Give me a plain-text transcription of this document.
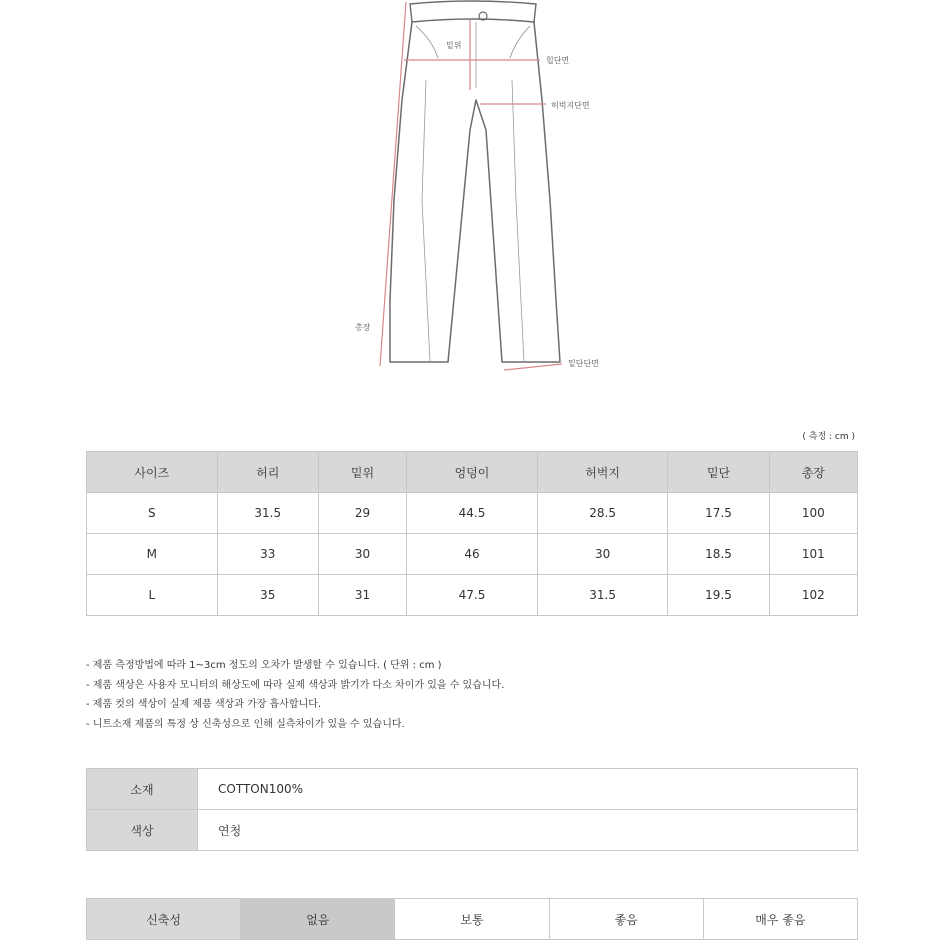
밑위
힙단면
허벅지단면
총장
밑단단면
( 측정 : cm )
사이즈	허리	밑위	엉덩이	허벅지	밑단	총장
S	31.5	29	44.5	28.5	17.5	100
M	33	30	46	30	18.5	101
L	35	31	47.5	31.5	19.5	102
- 제품 측정방법에 따라 1~3cm 정도의 오차가 발생할 수 있습니다. ( 단위 : cm )
- 제품 색상은 사용자 모니터의 해상도에 따라 실제 색상과 밝기가 다소 차이가 있을 수 있습니다.
- 제품 컷의 색상이 실제 제품 색상과 가장 흡사합니다.
- 니트소재 제품의 특정 상 신축성으로 인해 실측차이가 있을 수 있습니다.
소재	COTTON100%
색상	연청
신축성	없음	보통	좋음	매우 좋음
